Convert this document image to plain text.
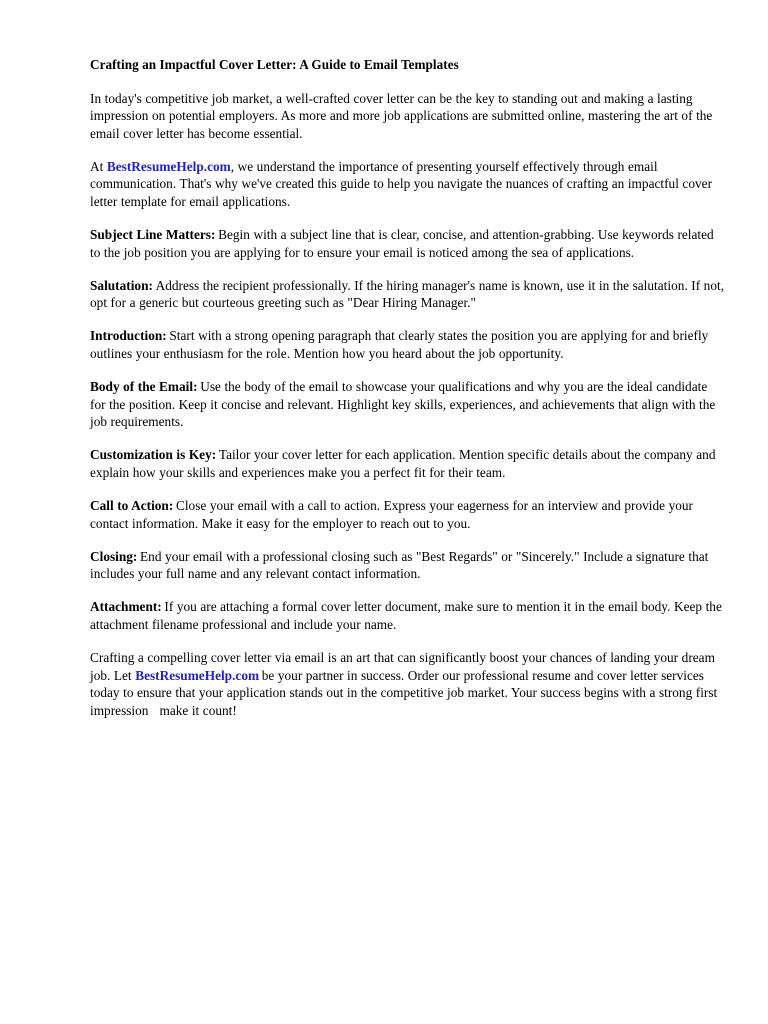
Crafting an Impactful Cover Letter: A Guide to Email Templates

In today's competitive job market, a well-crafted cover letter can be the key to standing out and making a lasting impression on potential employers. As more and more job applications are submitted online, mastering the art of the email cover letter has become essential.

At BestResumeHelp.com, we understand the importance of presenting yourself effectively through email communication. That's why we've created this guide to help you navigate the nuances of crafting an impactful cover letter template for email applications.

Subject Line Matters:  Begin with a subject line that is clear, concise, and attention-grabbing. Use keywords related to the job position you are applying for to ensure your email is noticed among the sea of applications.

Salutation:  Address the recipient professionally. If the hiring manager's name is known, use it in the salutation. If not, opt for a generic but courteous greeting such as "Dear Hiring Manager."

Introduction:  Start with a strong opening paragraph that clearly states the position you are applying for and briefly outlines your enthusiasm for the role. Mention how you heard about the job opportunity.

Body of the Email:  Use the body of the email to showcase your qualifications and why you are the ideal candidate for the position. Keep it concise and relevant. Highlight key skills, experiences, and achievements that align with the job requirements.

Customization is Key:  Tailor your cover letter for each application. Mention specific details about the company and explain how your skills and experiences make you a perfect fit for their team.

Call to Action:  Close your email with a call to action. Express your eagerness for an interview and provide your contact information. Make it easy for the employer to reach out to you.

Closing:  End your email with a professional closing such as "Best Regards" or "Sincerely." Include a signature that includes your full name and any relevant contact information.

Attachment:  If you are attaching a formal cover letter document, make sure to mention it in the email body. Keep the attachment filename professional and include your name.

Crafting a compelling cover letter via email is an art that can significantly boost your chances of landing your dream job. Let BestResumeHelp.com  be your partner in success. Order our professional resume and cover letter services today to ensure that your application stands out in the competitive job market. Your success begins with a strong first impression make it count!
